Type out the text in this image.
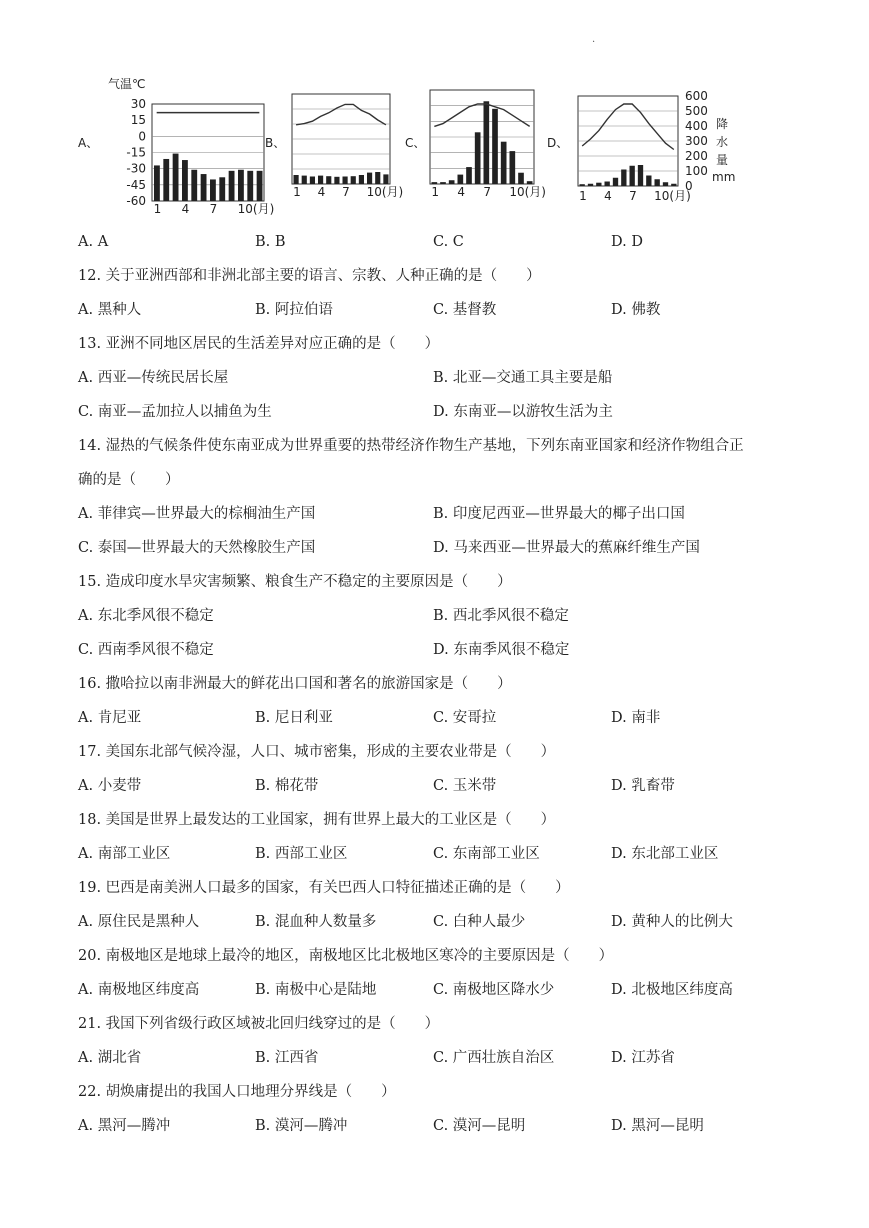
.
A、	B、	C、	D、
气温℃
30
15
0
-15
-30
-45
-60
1 4 7 10(月)
1 4 7 10(月) 1 4 7 10(月)
600
500
400
300
200
100
0
降
水
量
mm
1 4 7 10(月)
A. A	B. B	C. C	D. D
12. 关于亚洲西部和非洲北部主要的语言、宗教、人种正确的是（　　）
A. 黑种人	B. 阿拉伯语	C. 基督教	D. 佛教
13. 亚洲不同地区居民的生活差异对应正确的是（　　）
A. 西亚—传统民居长屋	B. 北亚—交通工具主要是船
C. 南亚—孟加拉人以捕鱼为生	D. 东南亚—以游牧生活为主
14. 湿热的气候条件使东南亚成为世界重要的热带经济作物生产基地，下列东南亚国家和经济作物组合正
确的是（　　）
A. 菲律宾—世界最大的棕榈油生产国	B. 印度尼西亚—世界最大的椰子出口国
C. 泰国—世界最大的天然橡胶生产国	D. 马来西亚—世界最大的蕉麻纤维生产国
15. 造成印度水旱灾害频繁、粮食生产不稳定的主要原因是（　　）
A. 东北季风很不稳定	B. 西北季风很不稳定
C. 西南季风很不稳定	D. 东南季风很不稳定
16. 撒哈拉以南非洲最大的鲜花出口国和著名的旅游国家是（　　）
A. 肯尼亚	B. 尼日利亚	C. 安哥拉	D. 南非
17. 美国东北部气候冷湿，人口、城市密集，形成的主要农业带是（　　）
A. 小麦带	B. 棉花带	C. 玉米带	D. 乳畜带
18. 美国是世界上最发达的工业国家，拥有世界上最大的工业区是（　　）
A. 南部工业区	B. 西部工业区	C. 东南部工业区	D. 东北部工业区
19. 巴西是南美洲人口最多的国家，有关巴西人口特征描述正确的是（　　）
A. 原住民是黑种人	B. 混血种人数量多	C. 白种人最少	D. 黄种人的比例大
20. 南极地区是地球上最冷的地区，南极地区比北极地区寒冷的主要原因是（　　）
A. 南极地区纬度高	B. 南极中心是陆地	C. 南极地区降水少	D. 北极地区纬度高
21. 我国下列省级行政区域被北回归线穿过的是（　　）
A. 湖北省	B. 江西省	C. 广西壮族自治区	D. 江苏省
22. 胡焕庸提出的我国人口地理分界线是（　　）
A. 黑河—腾冲	B. 漠河—腾冲	C. 漠河—昆明	D. 黑河—昆明
